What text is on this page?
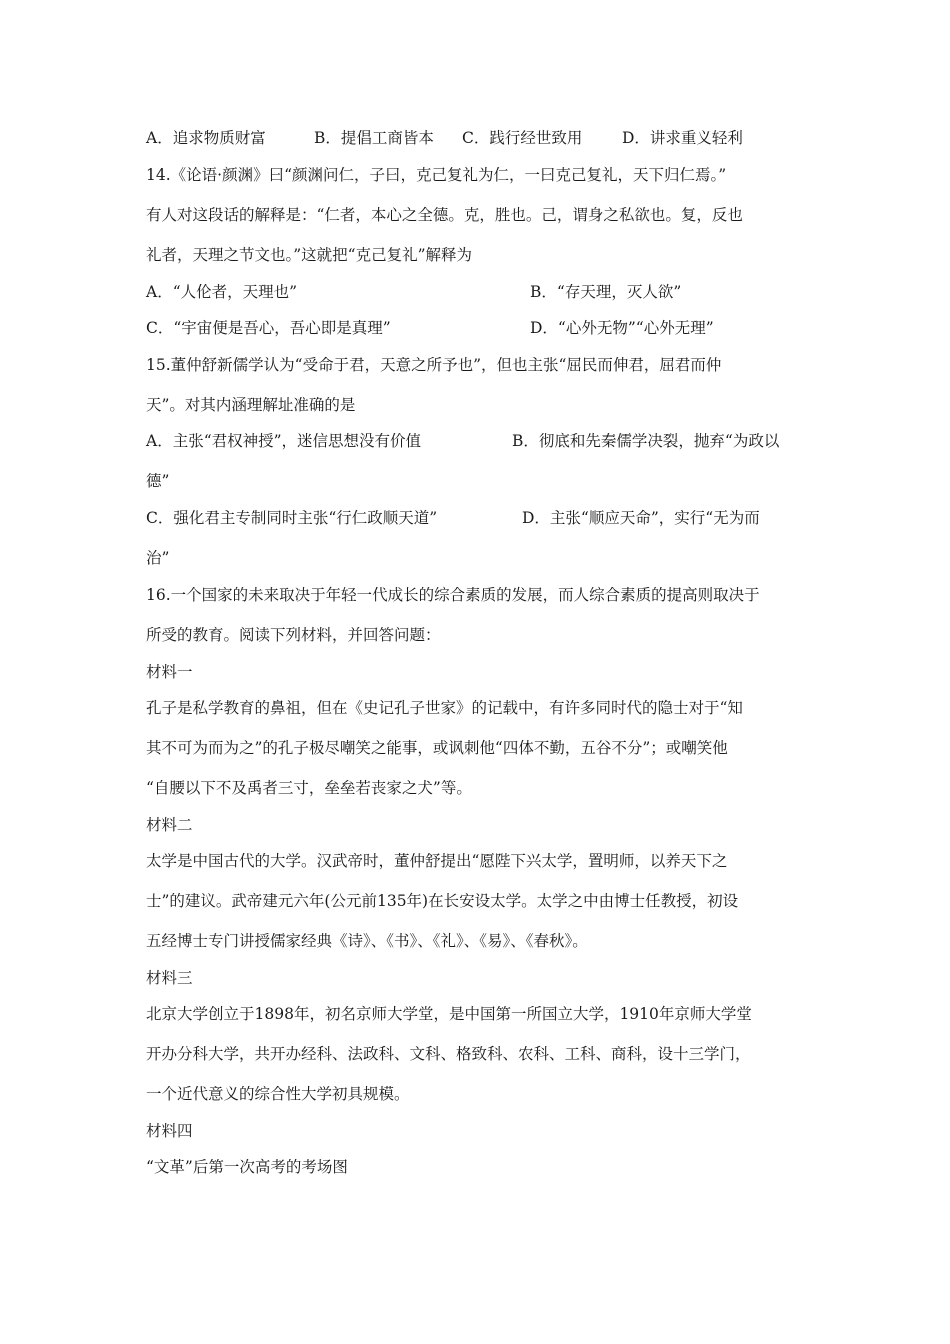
A．追求物质财富	B．提倡工商皆本 C．践行经世致用	D．讲求重义轻利
14.《论语·颜渊》曰“颜渊问仁，子曰，克己复礼为仁，一曰克己复礼，天下归仁焉。”
有人对这段话的解释是：“仁者，本心之全德。克，胜也。己，谓身之私欲也。复，反也
礼者，天理之节文也。”这就把“克己复礼”解释为
A．“人伦者，天理也”	B．“存天理，灭人欲”
C．“宇宙便是吾心，吾心即是真理”	D．“心外无物”“心外无理”
15.董仲舒新儒学认为“受命于君，天意之所予也”，但也主张“屈民而伸君，屈君而仲
天”。对其内涵理解址准确的是
A．主张“君权神授”，迷信思想没有价值	B．彻底和先秦儒学决裂，抛弃“为政以
德”
C．强化君主专制同时主张“行仁政顺天道”	D．主张“顺应天命”，实行“无为而
治”
16.一个国家的未来取决于年轻一代成长的综合素质的发展，而人综合素质的提高则取决于
所受的教育。阅读下列材料，并回答问题：
材料一
孔子是私学教育的鼻祖，但在《史记孔子世家》的记载中，有许多同时代的隐士对于“知
其不可为而为之”的孔子极尽嘲笑之能事，或讽刺他“四体不勤，五谷不分”；或嘲笑他
“自腰以下不及禹者三寸，垒垒若丧家之犬”等。
材料二
太学是中国古代的大学。汉武帝时，董仲舒提出“愿陛下兴太学，置明师，以养天下之
士”的建议。武帝建元六年(公元前135年)在长安设太学。太学之中由博士任教授，初设
五经博士专门讲授儒家经典《诗》、《书》、《礼》、《易》、《春秋》。
材料三
北京大学创立于1898年，初名京师大学堂，是中国第一所国立大学，1910年京师大学堂
开办分科大学，共开办经科、法政科、文科、格致科、农科、工科、商科，设十三学门，
一个近代意义的综合性大学初具规模。
材料四
“文革”后第一次高考的考场图
